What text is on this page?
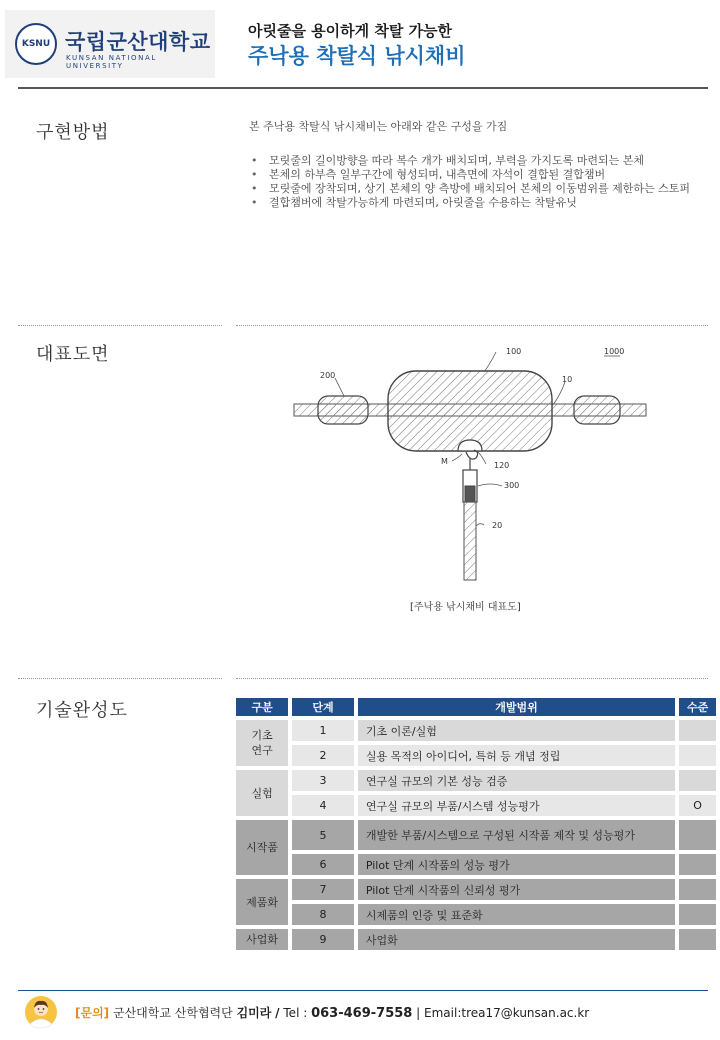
KSNU 국립군산대학교
KUNSAN NATIONAL UNIVERSITY
아릿줄을 용이하게 착탈 가능한
주낙용 착탈식 낚시채비
구현방법	본 주낙용 착탈식 낚시채비는 아래와 같은 구성을 가짐
• 모릿줄의 길이방향을 따라 복수 개가 배치되며, 부력을 가지도록 마련되는 본체
• 본체의 하부측 일부구간에 형성되며, 내측면에 자석이 결합된 결합챔버
• 모릿줄에 장착되며, 상기 본체의 양 측방에 배치되어 본체의 이동범위를 제한하는 스토퍼
• 결합챔버에 착탈가능하게 마련되며, 아릿줄을 수용하는 착탈유닛
대표도면	100	1000
200	10
M	120
300
20
[주낙용 낚시채비 대표도]
기술완성도	구분	단계	개발범위	수준
기초
연구	1	기초 이론/실험	
	2	실용 목적의 아이디어, 특허 등 개념 정립	
실험	3	연구실 규모의 기본 성능 검증	
	4	연구실 규모의 부품/시스템 성능평가	O
시작품	5	개발한 부품/시스템으로 구성된 시작품 제작 및 성능평가	
	6	Pilot 단계 시작품의 성능 평가	
제품화	7	Pilot 단계 시작품의 신뢰성 평가	
	8	시제품의 인증 및 표준화	
사업화	9	사업화	
[문의] 군산대학교 산학협력단 김미라 / Tel : 063-469-7558 | Email:trea17@kunsan.ac.kr
